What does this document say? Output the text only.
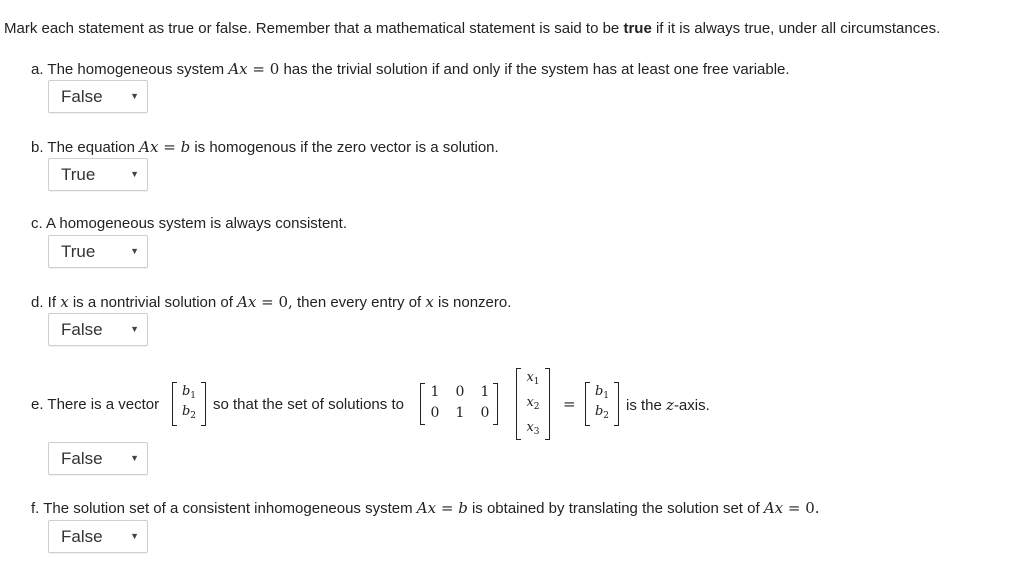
Mark each statement as true or false. Remember that a mathematical statement is said to be true if it is always true, under all circumstances.
a. The homogeneous system Ax = 0 has the trivial solution if and only if the system has at least one free variable.
False	▼
b. The equation Ax = b is homogenous if the zero vector is a solution.
True	▼
c. A homogeneous system is always consistent.
True	▼
d. If x is a nontrivial solution of Ax = 0, then every entry of x is nonzero.
False	▼
e. There is a vector
$b_1$
$b_2$
so that the set of solutions to
1	0	1
0	1	0
$x_1$
$x_2$
$x_3$
=
$b_1$
$b_2$
is the z-axis.
False	▼
f. The solution set of a consistent inhomogeneous system Ax = b is obtained by translating the solution set of Ax = 0.
False	▼
